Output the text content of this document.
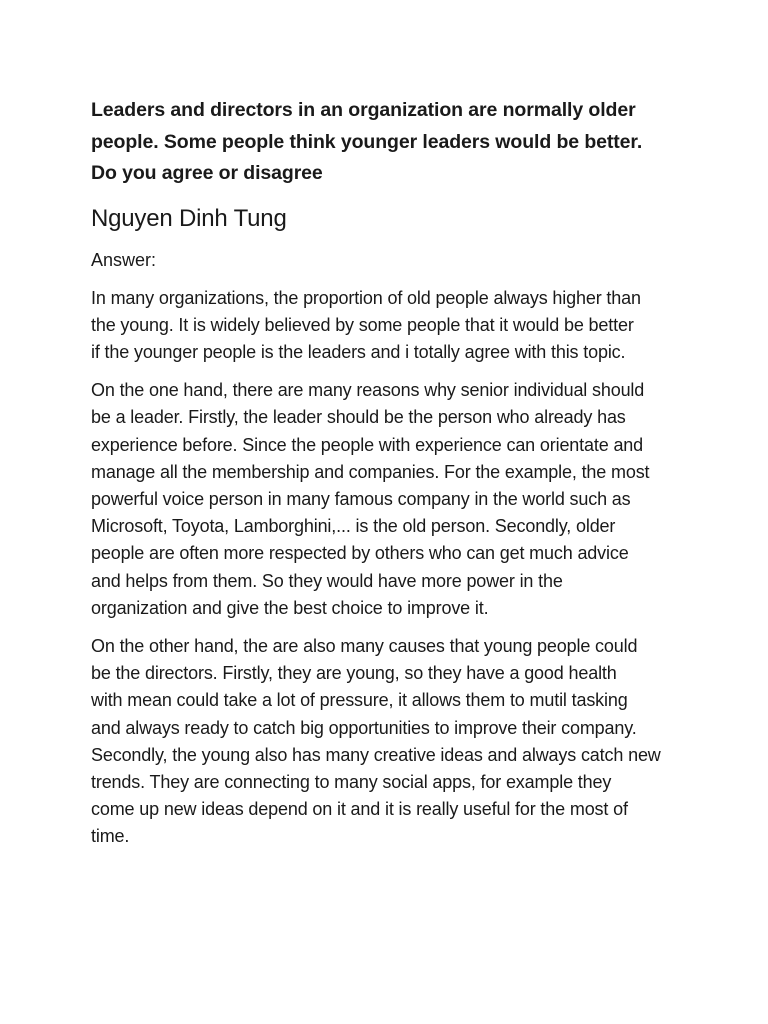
Leaders and directors in an organization are normally older
people. Some people think younger leaders would be better.
Do you agree or disagree
Nguyen Dinh Tung
Answer:
In many organizations, the proportion of old people always higher than
the young. It is widely believed by some people that it would be better
if the younger people is the leaders and i totally agree with this topic.
On the one hand, there are many reasons why senior individual should
be a leader. Firstly, the leader should be the person who already has
experience before. Since the people with experience can orientate and
manage all the membership and companies. For the example, the most
powerful voice person in many famous company in the world such as
Microsoft, Toyota, Lamborghini,... is the old person. Secondly, older
people are often more respected by others who can get much advice
and helps from them. So they would have more power in the
organization and give the best choice to improve it.
On the other hand, the are also many causes that young people could
be the directors. Firstly, they are young, so they have a good health
with mean could take a lot of pressure, it allows them to mutil tasking
and always ready to catch big opportunities to improve their company.
Secondly, the young also has many creative ideas and always catch new
trends. They are connecting to many social apps, for example they
come up new ideas depend on it and it is really useful for the most of
time.
